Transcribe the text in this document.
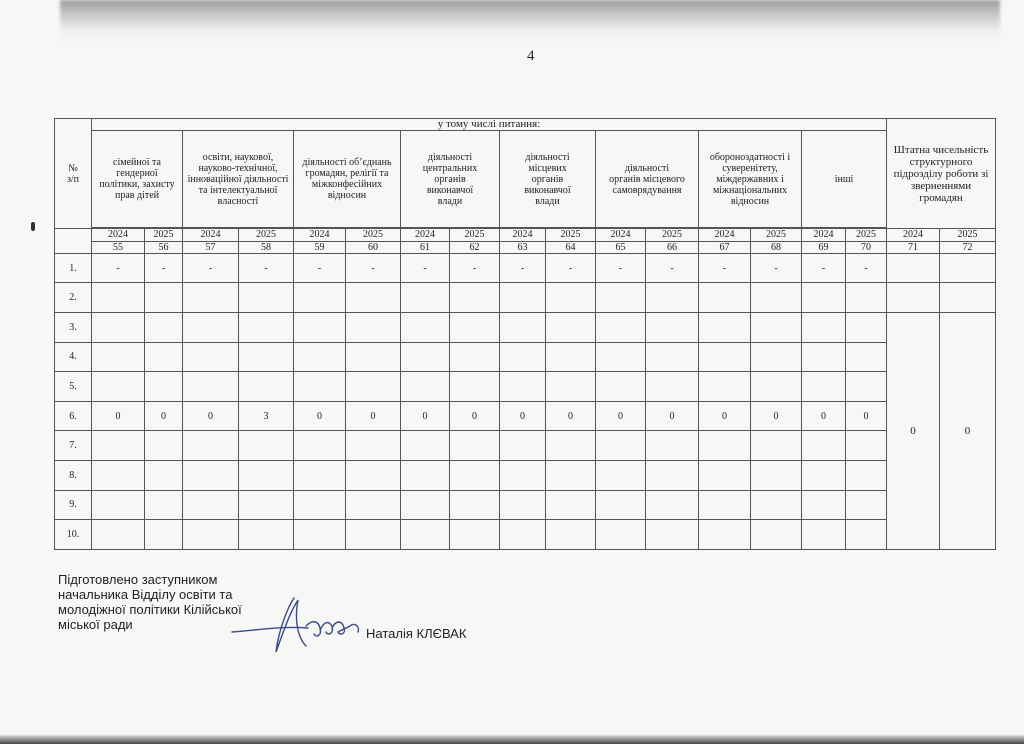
4
№
з/п	у тому числі питання:																Штатна чисельність структурного підрозділу роботи зі зверненнями громадян		
	сімейної та гендерної політики, захисту прав дітей		освіти, наукової, науково-технічної, інноваційної діяльності та інтелектуальної власності		діяльності об’єднань громадян, релігії та міжконфесійних відносин		діяльності центральних органів виконавчої влади		діяльності місцевих органів виконавчої влади		діяльності органів місцевого самоврядування		обороноздатності і суверенітету, міждержавних і міжнаціональних відносин		інші				

	2024	2025	2024	2025	2024	2025	2024	2025	2024	2025	2024	2025	2024	2025	2024	2025	2024	2025	
	55	56	57	58	59	60	61	62	63	64	65	66	67	68	69	70	71	72	
1.	-	-	-	-	-	-	-	-	-	-	-	-	-	-	-	-			
2.																			
3.																	0	0	
4.																			
5.																			
6.	0	0	0	3	0	0	0	0	0	0	0	0	0	0	0	0			
7.																			
8.																			
9.																			
10.																			
Підготовлено заступником
начальника Відділу освіти та
молодіжної політики Кілійської
міської ради
Наталія КЛЄВАК
